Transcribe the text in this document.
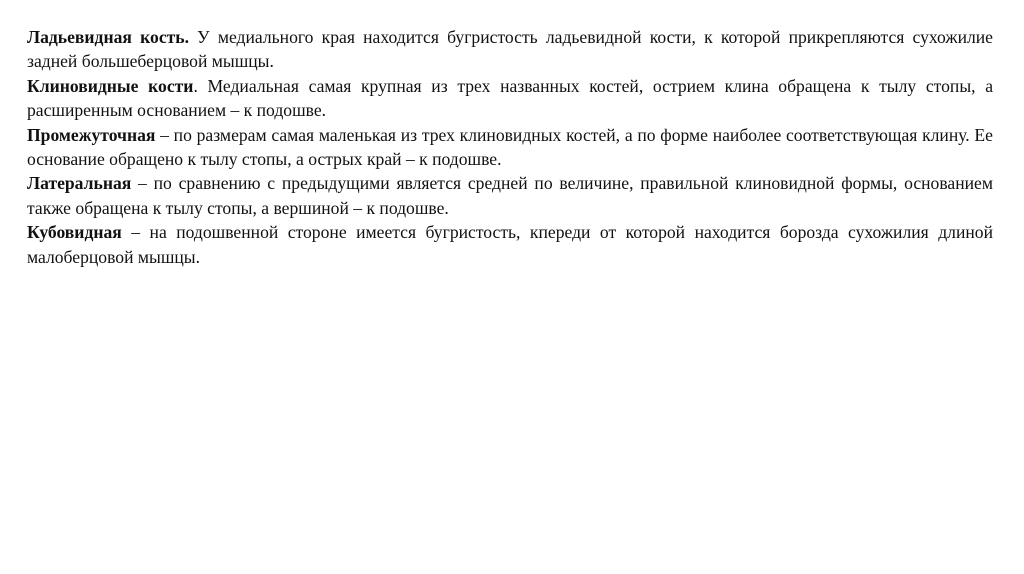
Ладьевидная кость. У медиального края находится бугристость ладьевидной кости, к которой прикрепляются сухожилие задней большеберцовой мышцы.

Клиновидные кости. Медиальная самая крупная из трех названных костей, острием клина обращена к тылу стопы, а расширенным основанием – к подошве.

Промежуточная – по размерам самая маленькая из трех клиновидных костей, а по форме наиболее соответствующая клину. Ее основание обращено к тылу стопы, а острых край – к подошве.

Латеральная – по сравнению с предыдущими является средней по величине, правильной клиновидной формы, основанием также обращена к тылу стопы, а вершиной – к подошве.

Кубовидная – на подошвенной стороне имеется бугристость, кпереди от которой находится борозда сухожилия длиной малоберцовой мышцы.
